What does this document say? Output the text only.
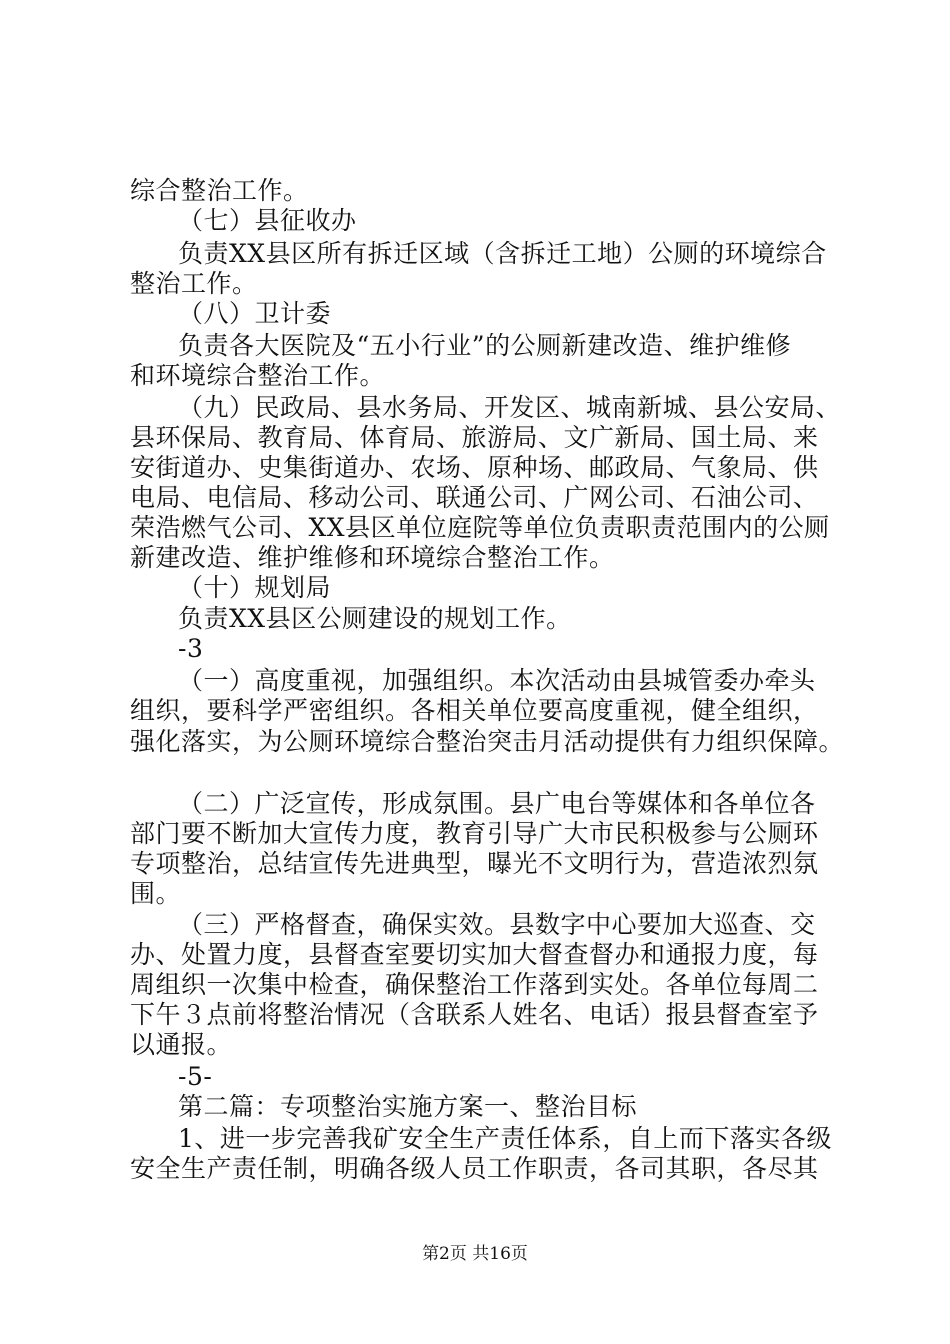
综合整治工作。
（七）县征收办
负责XX县区所有拆迁区域（含拆迁工地）公厕的环境综合
整治工作。
（八）卫计委
负责各大医院及“五小行业”的公厕新建改造、维护维修
和环境综合整治工作。
（九）民政局、县水务局、开发区、城南新城、县公安局、
县环保局、教育局、体育局、旅游局、文广新局、国土局、来
安街道办、史集街道办、农场、原种场、邮政局、气象局、供
电局、电信局、移动公司、联通公司、广网公司、石油公司、
荣浩燃气公司、XX县区单位庭院等单位负责职责范围内的公厕
新建改造、维护维修和环境综合整治工作。
（十）规划局
负责XX县区公厕建设的规划工作。
-3
（一）高度重视，加强组织。本次活动由县城管委办牵头
组织，要科学严密组织。各相关单位要高度重视，健全组织，
强化落实，为公厕环境综合整治突击月活动提供有力组织保障。
（二）广泛宣传，形成氛围。县广电台等媒体和各单位各
部门要不断加大宣传力度，教育引导广大市民积极参与公厕环
专项整治，总结宣传先进典型，曝光不文明行为，营造浓烈氛
围。
（三）严格督查，确保实效。县数字中心要加大巡查、交
办、处置力度，县督查室要切实加大督查督办和通报力度，每
周组织一次集中检查，确保整治工作落到实处。各单位每周二
下午３点前将整治情况（含联系人姓名、电话）报县督查室予
以通报。
-5-
第二篇：专项整治实施方案一、整治目标
1、进一步完善我矿安全生产责任体系，自上而下落实各级
安全生产责任制，明确各级人员工作职责，各司其职，各尽其
第2页 共16页
